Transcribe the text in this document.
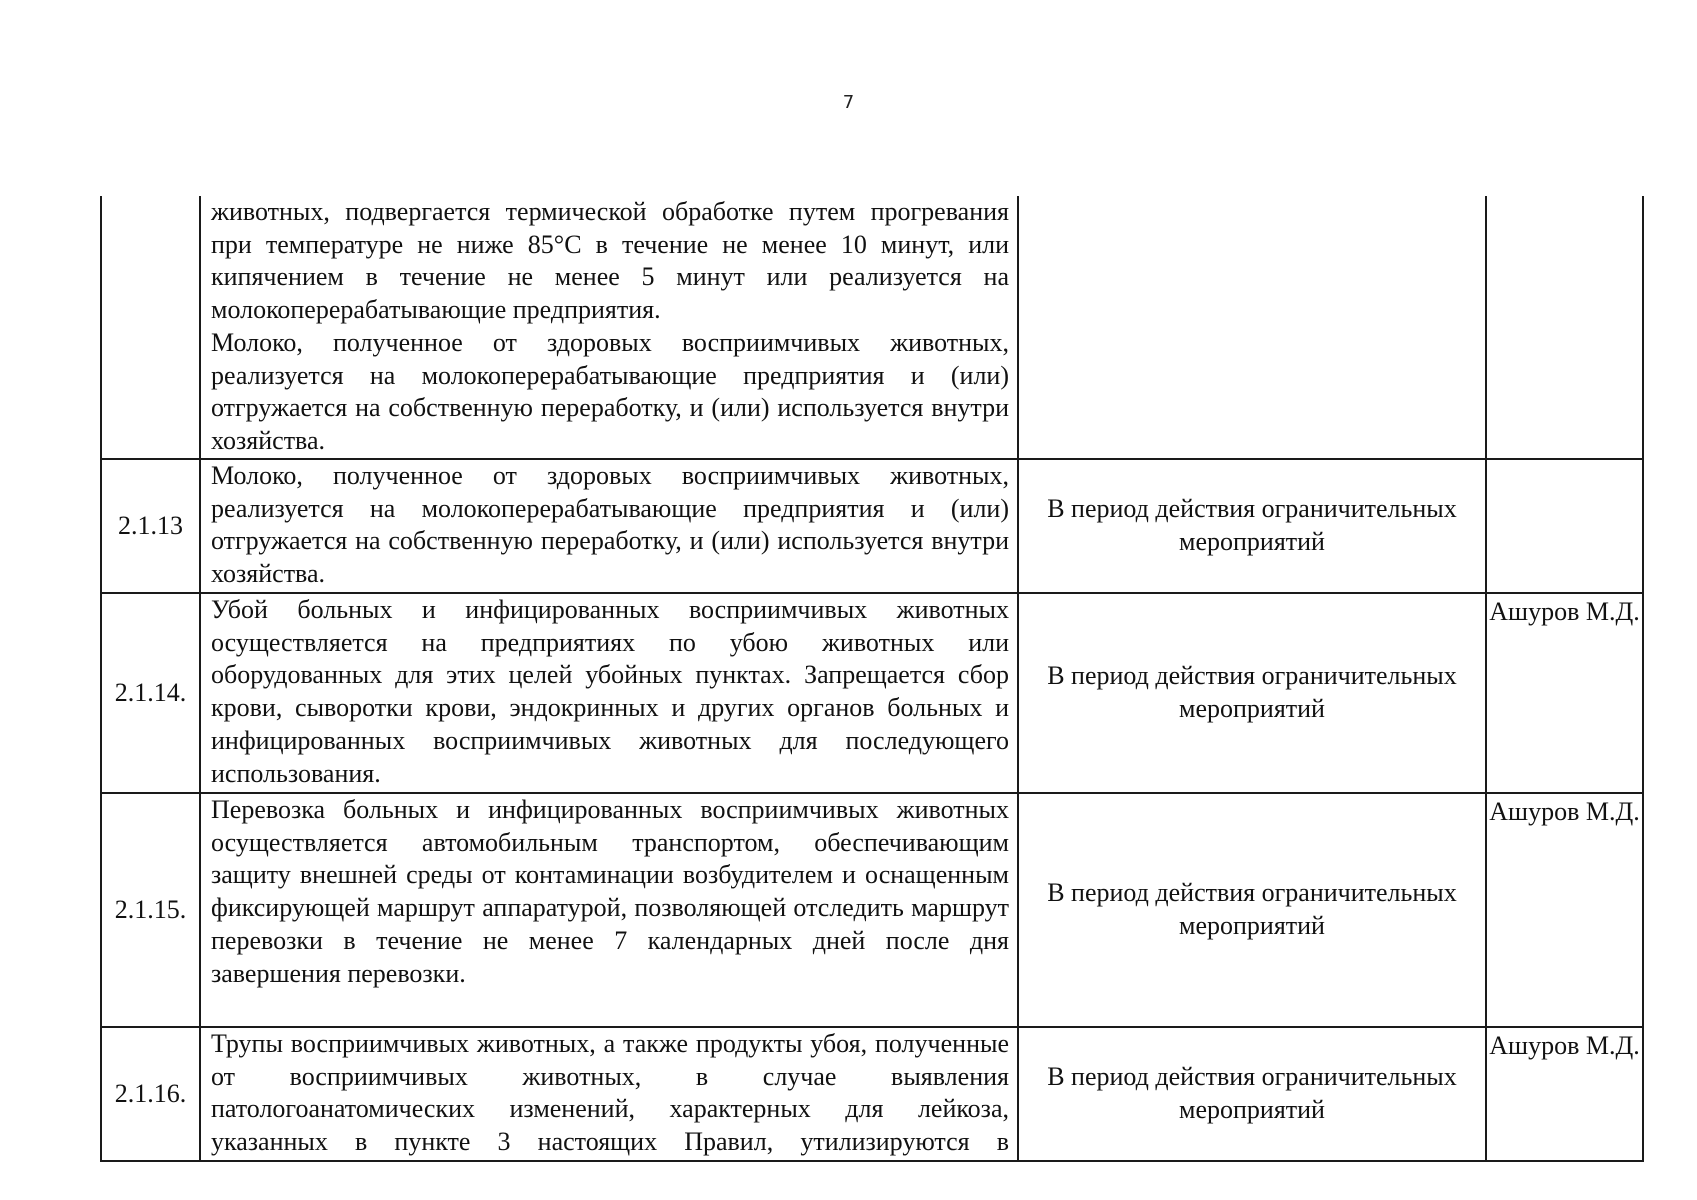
7

	животных, подвергается термической обработке путем прогревания при температуре не ниже 85°С в течение не менее 10 минут, или кипячением в течение не менее 5 минут или реализуется на молокоперерабатывающие предприятия.

Молоко, полученное от здоровых восприимчивых животных, реализуется на молокоперерабатывающие предприятия и (или) отгружается на собственную переработку, и (или) используется внутри хозяйства.		

2.1.13	Молоко, полученное от здоровых восприимчивых животных, реализуется на молокоперерабатывающие предприятия и (или) отгружается на собственную переработку, и (или) используется внутри хозяйства.	В период действия ограничительных мероприятий	
2.1.14.	Убой больных и инфицированных восприимчивых животных осуществляется на предприятиях по убою животных или оборудованных для этих целей убойных пунктах. Запрещается сбор крови, сыворотки крови, эндокринных и других органов больных и инфицированных восприимчивых животных для последующего использования.	В период действия ограничительных мероприятий	Ашуров М.Д.
2.1.15.	Перевозка больных и инфицированных восприимчивых животных осуществляется автомобильным транспортом, обеспечивающим защиту внешней среды от контаминации возбудителем и оснащенным фиксирующей маршрут аппаратурой, позволяющей отследить маршрут перевозки в течение не менее 7 календарных дней после дня завершения перевозки.	В период действия ограничительных мероприятий	Ашуров М.Д.
2.1.16.	Трупы восприимчивых животных, а также продукты убоя, полученные от восприимчивых животных, в случае выявления патологоанатомических изменений, характерных для лейкоза, указанных в пункте 3 настоящих Правил, утилизируются в	В период действия ограничительных мероприятий	Ашуров М.Д.
